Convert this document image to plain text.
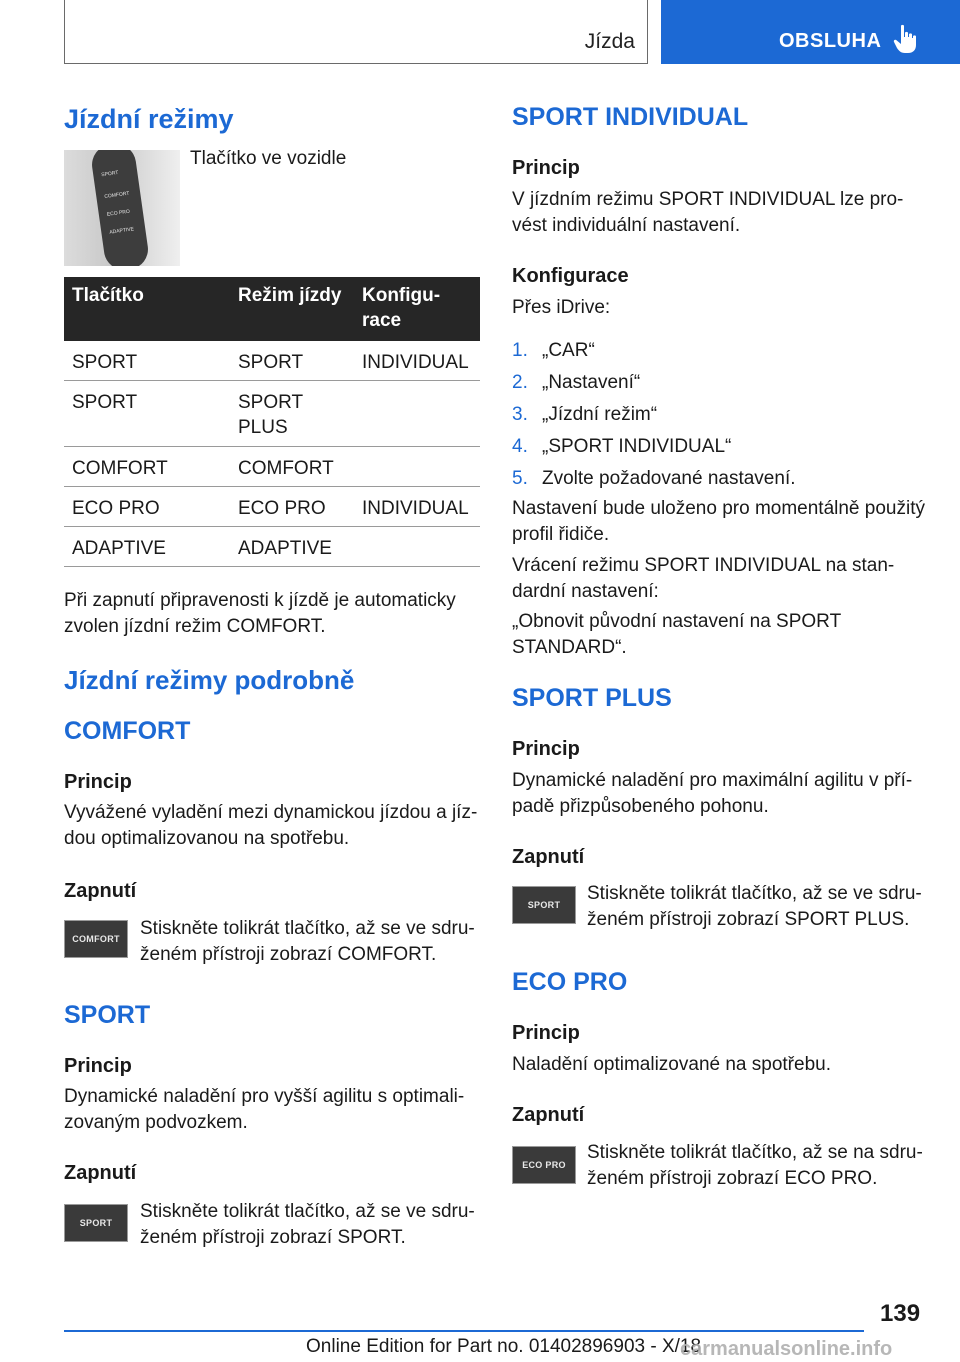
Jízda	OBSLUHA
Jízdní režimy
SPORT
COMFORT
ECO PRO
ADAPTIVE

Tlačítko ve vozidle

Tlačítko	Režim jízdy	Konfigu-
race
SPORT	SPORT	INDIVIDUAL
SPORT	SPORT
PLUS
COMFORT	COMFORT
ECO PRO	ECO PRO	INDIVIDUAL
ADAPTIVE	ADAPTIVE

Při zapnutí připravenosti k jízdě je automaticky
zvolen jízdní režim COMFORT.

Jízdní režimy podrobně
COMFORT

Princip

Vyvážené vyladění mezi dynamickou jízdou a jíz-
dou optimalizovanou na spotřebu.

Zapnutí

COMFORT Stiskněte tolikrát tlačítko, až se ve sdru-
ženém přístroji zobrazí COMFORT.

SPORT

Princip

Dynamické naladění pro vyšší agilitu s optimali-
zovaným podvozkem.

Zapnutí

SPORT

Stiskněte tolikrát tlačítko, až se ve sdru-
ženém přístroji zobrazí SPORT.

SPORT INDIVIDUAL

Princip

V jízdním režimu SPORT INDIVIDUAL lze pro-
vést individuální nastavení.

Konfigurace

Přes iDrive:

1. „CAR“
2. „Nastavení“
3. „Jízdní režim“
4. „SPORT INDIVIDUAL“
5. Zvolte požadované nastavení.

Nastavení bude uloženo pro momentálně použitý
profil řidiče.

Vrácení režimu SPORT INDIVIDUAL na stan-
dardní nastavení:

„Obnovit původní nastavení na SPORT
STANDARD“.

SPORT PLUS

Princip

Dynamické naladění pro maximální agilitu v pří-
padě přizpůsobeného pohonu.

Zapnutí

SPORT

Stiskněte tolikrát tlačítko, až se ve sdru-
ženém přístroji zobrazí SPORT PLUS.

ECO PRO

Princip

Naladění optimalizované na spotřebu.

Zapnutí

ECO PRO

Stiskněte tolikrát tlačítko, až se na sdru-
ženém přístroji zobrazí ECO PRO.

139
Online Edition for Part no. 01402896903 - X/18
carmanualsonline.info
